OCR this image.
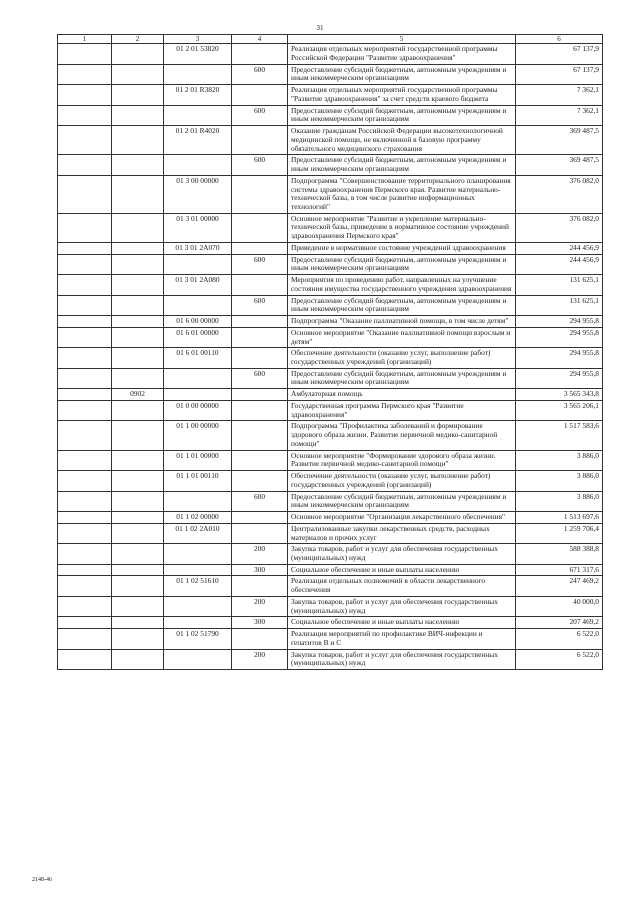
31
1	2	3	4	5	6
		01 2 01 53820		Реализация отдельных мероприятий государственной программы Российской Федерации "Развитие здравоохранения"	67 137,9
			600	Предоставление субсидий бюджетным, автономным учреждениям и иным некоммерческим организациям	67 137,9
		01 2 01 R3820		Реализация отдельных мероприятий государственной программы "Развитие здравоохранения" за счет средств краевого бюджета	7 362,1
			600	Предоставление субсидий бюджетным, автономным учреждениям и иным некоммерческим организациям	7 362,1
		01 2 01 R4020		Оказание гражданам Российской Федерации высокотехнологичной медицинской помощи, не включенной в базовую программу обязательного медицинского страхования	369 487,5
			600	Предоставление субсидий бюджетным, автономным учреждениям и иным некоммерческим организациям	369 487,5
		01 3 00 00000		Подпрограмма "Совершенствование территориального планирования системы здравоохранения Пермского края. Развитие материально-технической базы, в том числе развитие информационных технологий"	376 082,0
		01 3 01 00000		Основное мероприятие "Развитие и укрепление материально-технической базы, приведение в нормативное состояние учреждений здравоохранения Пермского края"	376 082,0
		01 3 01 2А070		Приведение в нормативное состояние учреждений здравоохранения	244 456,9
			600	Предоставление субсидий бюджетным, автономным учреждениям и иным некоммерческим организациям	244 456,9
		01 3 01 2А080		Мероприятия по проведению работ, направленных на улучшение состояния имущества государственного учреждения здравоохранения	131 625,1
			600	Предоставление субсидий бюджетным, автономным учреждениям и иным некоммерческим организациям	131 625,1
		01 6 00 00000		Подпрограмма "Оказание паллиативной помощи, в том числе детям"	294 955,8
		01 6 01 00000		Основное мероприятие "Оказание паллиативной помощи взрослым и детям"	294 955,8
		01 6 01 00110		Обеспечение деятельности (оказание услуг, выполнение работ) государственных учреждений (организаций)	294 955,8
			600	Предоставление субсидий бюджетным, автономным учреждениям и иным некоммерческим организациям	294 955,8
	0902			Амбулаторная помощь	3 565 343,8
		01 0 00 00000		Государственная программа Пермского края "Развитие здравоохранения"	3 565 206,1
		01 1 00 00000		Подпрограмма "Профилактика заболеваний и формирование здорового образа жизни. Развитие первичной медико-санитарной помощи"	1 517 583,6
		01 1 01 00000		Основное мероприятие "Формирование здорового образа жизни. Развитие первичной медико-санитарной помощи"	3 886,0
		01 1 01 00110		Обеспечение деятельности (оказание услуг, выполнение работ) государственных учреждений (организаций)	3 886,0
			600	Предоставление субсидий бюджетным, автономным учреждениям и иным некоммерческим организациям	3 886,0
		01 1 02 00000		Основное мероприятие "Организация лекарственного обеспечения"	1 513 697,6
		01 1 02 2А010		Централизованные закупки лекарственных средств, расходных материалов и прочих услуг	1 259 706,4
			200	Закупка товаров, работ и услуг для обеспечения государственных (муниципальных) нужд	588 388,8
			300	Социальное обеспечение и иные выплаты населению	671 317,6
		01 1 02 51610		Реализация отдельных полномочий в области лекарственного обеспечения	247 469,2
			200	Закупка товаров, работ и услуг для обеспечения государственных (муниципальных) нужд	40 000,0
			300	Социальное обеспечение и иные выплаты населению	207 469,2
		01 1 02 51790		Реализация мероприятий по профилактике ВИЧ-инфекции и гепатитов В и С	6 522,0
			200	Закупка товаров, работ и услуг для обеспечения государственных (муниципальных) нужд	6 522,0
2148-46
